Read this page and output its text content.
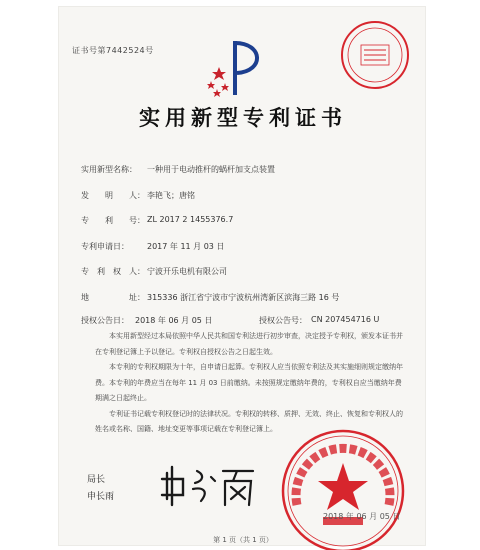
证书号第7442524号
实用新型专利证书
实用新型名称： 一种用于电动推杆的蜗杆加支点装置
发　　明　　人： 李艳飞；唐铭
专　　利　　号： ZL 2017 2 1455376.7
专利申请日： 2017 年 11 月 03 日
专　利　权　人： 宁波开乐电机有限公司
地　　　　　址： 315336 浙江省宁波市宁波杭州湾新区滨海三路 16 号
授权公告日： 2018 年 06 月 05 日	授权公告号： CN 207454716 U

本实用新型经过本局依照中华人民共和国专利法进行初步审查，决定授予专利权，颁发本证书并在专利登记簿上予以登记。专利权自授权公告之日起生效。

本专利的专利权期限为十年，自申请日起算。专利权人应当依照专利法及其实施细则规定缴纳年费。本专利的年费应当在每年 11 月 03 日前缴纳。未按照规定缴纳年费的，专利权自应当缴纳年费期满之日起终止。

专利证书记载专利权登记时的法律状况。专利权的转移、质押、无效、终止、恢复和专利权人的姓名或名称、国籍、地址变更等事项记载在专利登记簿上。

局长
申长雨
2018 年 06 月 05 日
第 1 页（共 1 页）
